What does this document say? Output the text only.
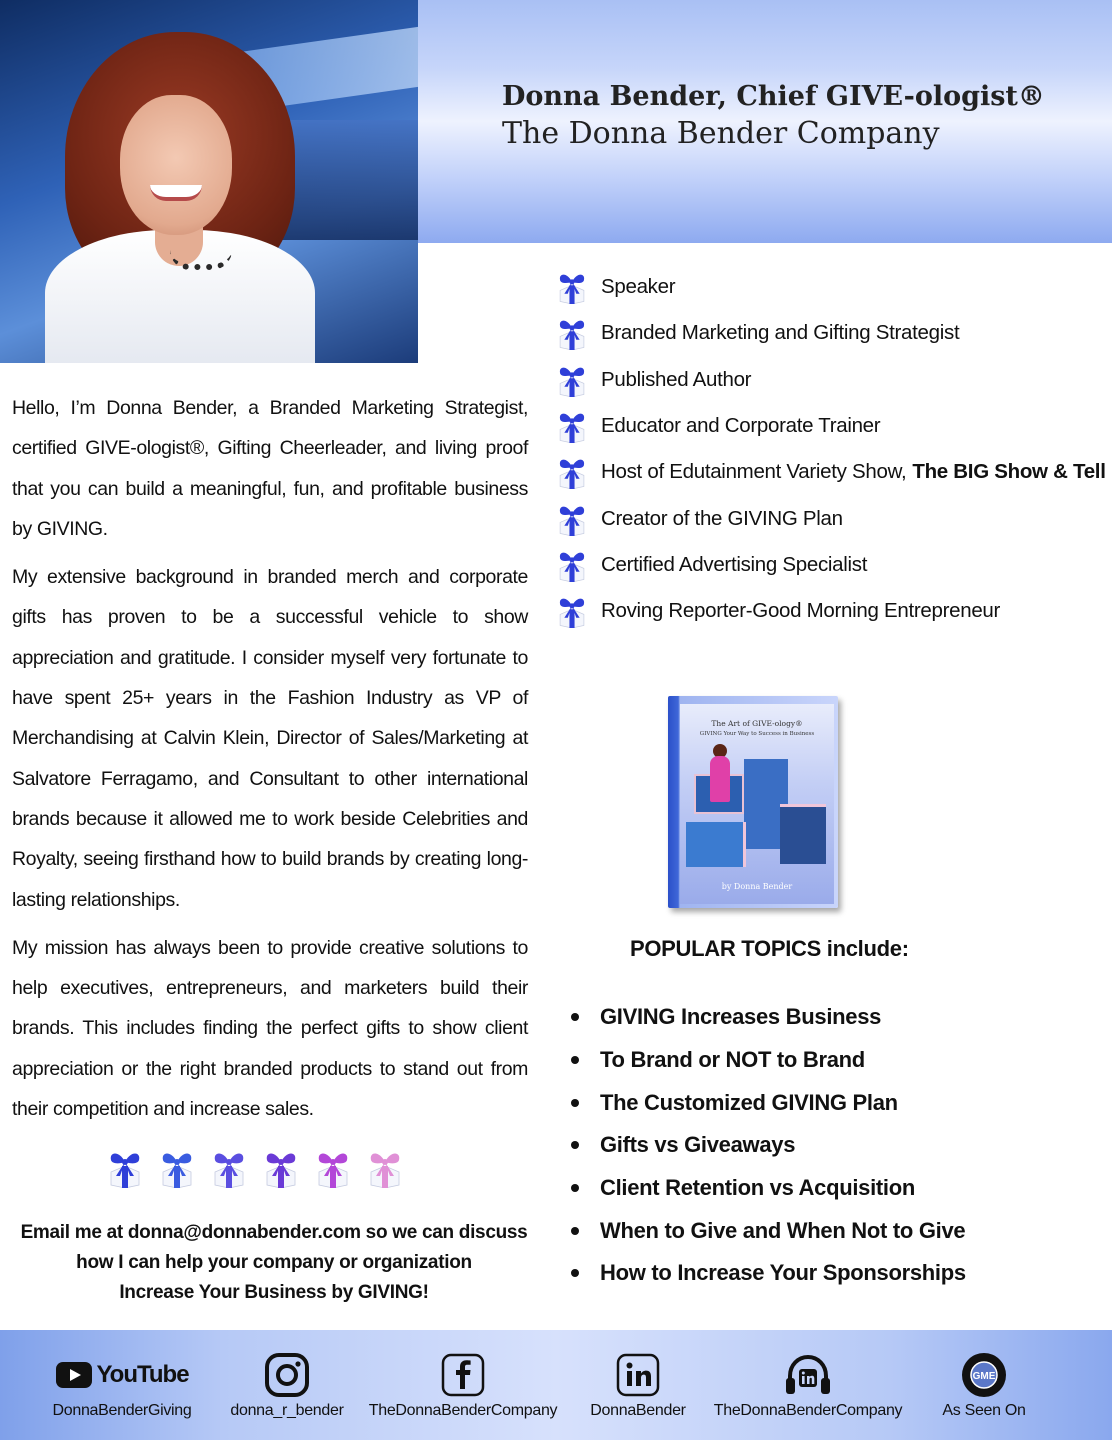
Donna Bender, Chief GIVE-ologist®
The Donna Bender Company
Speaker
Branded Marketing and Gifting Strategist
Published Author
Educator and Corporate Trainer
Host of Edutainment Variety Show, The BIG Show & Tell
Creator of the GIVING Plan
Certified Advertising Specialist
Roving Reporter-Good Morning Entrepreneur

Hello, I’m Donna Bender, a Branded Marketing Strategist, certified GIVE-ologist®, Gifting Cheerleader, and living proof that you can build a meaningful, fun, and profitable business by GIVING.

My extensive background in branded merch and corporate gifts has proven to be a successful vehicle to show appreciation and gratitude. I consider myself very fortunate to have spent 25+ years in the Fashion Industry as VP of Merchandising at Calvin Klein, Director of Sales/Marketing at Salvatore Ferragamo, and Consultant to other international brands because it allowed me to work beside Celebrities and Royalty, seeing firsthand how to build brands by creating long-lasting relationships.

My mission has always been to provide creative solutions to help executives, entrepreneurs, and marketers build their brands. This includes finding the perfect gifts to show client appreciation or the right branded products to stand out from their competition and increase sales.

Email me at donna@donnabender.com so we can discuss
how I can help your company or organization
Increase Your Business by GIVING!
The Art of GIVE-ology®
GIVING Your Way to Success in Business
by Donna Bender
POPULAR TOPICS include:
GIVING Increases Business
To Brand or NOT to Brand
The Customized GIVING Plan
Gifts vs Giveaways
Client Retention vs Acquisition
When to Give and When Not to Give
How to Increase Your Sponsorships
YouTube
DonnaBenderGiving donna_r_bender TheDonnaBenderCompany DonnaBender TheDonnaBenderCompany
GME
As Seen On
